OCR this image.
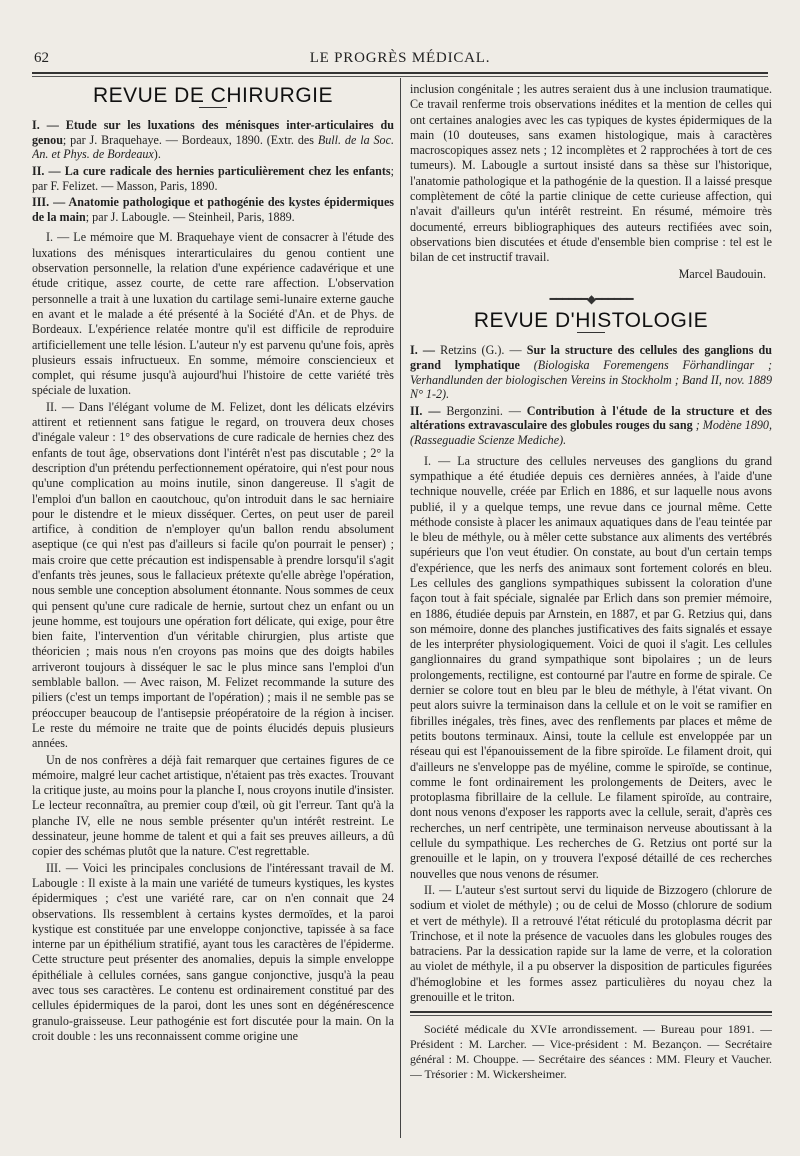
62	LE PROGRÈS MÉDICAL.
REVUE DE CHIRURGIE
I. — Etude sur les luxations des ménisques inter-articulaires du genou; par J. Braquehaye. — Bordeaux, 1890. (Extr. des Bull. de la Soc. An. et Phys. de Bordeaux).
II. — La cure radicale des hernies particulièrement chez les enfants; par F. Felizet. — Masson, Paris, 1890.
III. — Anatomie pathologique et pathogénie des kystes épidermiques de la main; par J. Labougle. — Steinheil, Paris, 1889.

I. — Le mémoire que M. Braquehaye vient de consacrer à l'étude des luxations des ménisques interarticulaires du genou contient une observation personnelle, la relation d'une expérience cadavérique et une étude critique, assez courte, de cette rare affection. L'observation personnelle a trait à une luxation du cartilage semi-lunaire externe gauche en avant et le malade a été présenté à la Société d'An. et de Phys. de Bordeaux. L'expérience relatée montre qu'il est difficile de reproduire artificiellement une telle lésion. L'auteur n'y est parvenu qu'une fois, après plusieurs essais infructueux. En somme, mémoire consciencieux et complet, qui résume jusqu'à aujourd'hui l'histoire de cette variété très spéciale de luxation.

II. — Dans l'élégant volume de M. Felizet, dont les délicats elzévirs attirent et retiennent sans fatigue le regard, on trouvera deux choses d'inégale valeur : 1° des observations de cure radicale de hernies chez des enfants de tout âge, observations dont l'intérêt n'est pas discutable ; 2° la description d'un prétendu perfectionnement opératoire, qui n'est pour nous qu'une complication au moins inutile, sinon dangereuse. Il s'agit de l'emploi d'un ballon en caoutchouc, qu'on introduit dans le sac herniaire pour le distendre et le mieux disséquer. Certes, on peut user de pareil artifice, à condition de n'employer qu'un ballon rendu absolument aseptique (ce qui n'est pas d'ailleurs si facile qu'on pourrait le penser) ; mais croire que cette précaution est indispensable à prendre lorsqu'il s'agit d'enfants très jeunes, sous le fallacieux prétexte qu'elle abrège l'opération, nous semble une conception absolument étonnante. Nous sommes de ceux qui pensent qu'une cure radicale de hernie, surtout chez un enfant ou un jeune homme, est toujours une opération fort délicate, qui exige, pour être bien faite, l'intervention d'un véritable chirurgien, plus artiste que théoricien ; mais nous n'en croyons pas moins que des doigts habiles arriveront toujours à disséquer le sac le plus mince sans l'emploi d'un semblable ballon. — Avec raison, M. Felizet recommande la suture des piliers (c'est un temps important de l'opération) ; mais il ne semble pas se préoccuper beaucoup de l'antisepsie préopératoire de la région à inciser. Le reste du mémoire ne traite que de points élucidés depuis plusieurs années.

Un de nos confrères a déjà fait remarquer que certaines figures de ce mémoire, malgré leur cachet artistique, n'étaient pas très exactes. Trouvant la critique juste, au moins pour la planche I, nous croyons inutile d'insister. Le lecteur reconnaîtra, au premier coup d'œil, où git l'erreur. Tant qu'à la planche IV, elle ne nous semble présenter qu'un intérêt restreint. Le dessinateur, jeune homme de talent et qui a fait ses preuves ailleurs, a dû copier des schémas plutôt que la nature. C'est regrettable.

III. — Voici les principales conclusions de l'intéressant travail de M. Labougle : Il existe à la main une variété de tumeurs kystiques, les kystes épidermiques ; c'est une variété rare, car on n'en connait que 24 observations. Ils ressemblent à certains kystes dermoïdes, et la paroi kystique est constituée par une enveloppe conjonctive, tapissée à sa face interne par un épithélium stratifié, ayant tous les caractères de l'épiderme. Cette structure peut présenter des anomalies, depuis la simple enveloppe épithéliale à cellules cornées, sans gangue conjonctive, jusqu'à la peau avec tous ses caractères. Le contenu est ordinairement constitué par des cellules épidermiques de la paroi, dont les unes sont en dégénérescence granulo-graisseuse. Leur pathogénie est fort discutée pour la main. On la croit double : les uns reconnaissent comme origine une

inclusion congénitale ; les autres seraient dus à une inclusion traumatique. Ce travail renferme trois observations inédites et la mention de celles qui ont certaines analogies avec les cas typiques de kystes épidermiques de la main (10 douteuses, sans examen histologique, mais à caractères macroscopiques assez nets ; 12 incomplètes et 2 rapprochées à tort de ces tumeurs). M. Labougle a surtout insisté dans sa thèse sur l'historique, l'anatomie pathologique et la pathogénie de la question. Il a laissé presque complètement de côté la partie clinique de cette curieuse affection, qui n'avait d'ailleurs qu'un intérêt restreint. En résumé, mémoire très documenté, erreurs bibliographiques des auteurs rectifiées avec soin, observations bien discutées et étude d'ensemble bien comprise : tel est le bilan de cet instructif travail.

Marcel Baudouin.
━━━━━━◆━━━━━━
REVUE D'HISTOLOGIE
I. — Retzins (G.). — Sur la structure des cellules des ganglions du grand lymphatique (Biologiska Foremengens Förhandlingar ; Verhandlunden der biologischen Vereins in Stockholm ; Band II, nov. 1889 N° 1-2).
II. — Bergonzini. — Contribution à l'étude de la structure et des altérations extravasculaire des globules rouges du sang ; Modène 1890, (Rasseguadie Scienze Mediche).

I. — La structure des cellules nerveuses des ganglions du grand sympathique a été étudiée depuis ces dernières années, à l'aide d'une technique nouvelle, créée par Erlich en 1886, et sur laquelle nous avons publié, il y a quelque temps, une revue dans ce journal même. Cette méthode consiste à placer les animaux aquatiques dans de l'eau teintée par le bleu de méthyle, ou à mêler cette substance aux aliments des vertébrés supérieurs que l'on veut étudier. On constate, au bout d'un certain temps d'expérience, que les nerfs des animaux sont fortement colorés en bleu. Les cellules des ganglions sympathiques subissent la coloration d'une façon tout à fait spéciale, signalée par Erlich dans son premier mémoire, en 1886, étudiée depuis par Arnstein, en 1887, et par G. Retzius qui, dans son mémoire, donne des planches justificatives des faits signalés et essaye de les interpréter physiologiquement. Voici de quoi il s'agit. Les cellules ganglionnaires du grand sympathique sont bipolaires ; un de leurs prolongements, rectiligne, est contourné par l'autre en forme de spirale. Ce dernier se colore tout en bleu par le bleu de méthyle, à l'état vivant. On peut alors suivre la terminaison dans la cellule et on le voit se ramifier en fibrilles inégales, très fines, avec des renflements par places et même de petits boutons terminaux. Ainsi, toute la cellule est enveloppée par un réseau qui est l'épanouissement de la fibre spiroïde. Le filament droit, qui d'ailleurs ne s'enveloppe pas de myéline, comme le spiroïde, se continue, comme le font ordinairement les prolongements de Deiters, avec le protoplasma fibrillaire de la cellule. Le filament spiroïde, au contraire, dont nous venons d'exposer les rapports avec la cellule, serait, d'après ces recherches, un nerf centripète, une terminaison nerveuse aboutissant à la cellule du sympathique. Les recherches de G. Retzius ont porté sur la grenouille et le lapin, on y trouvera l'exposé détaillé de ces recherches nouvelles que nous venons de résumer.

II. — L'auteur s'est surtout servi du liquide de Bizzogero (chlorure de sodium et violet de méthyle) ; ou de celui de Mosso (chlorure de sodium et vert de méthyle). Il a retrouvé l'état réticulé du protoplasma décrit par Trinchose, et il note la présence de vacuoles dans les globules rouges des batraciens. Par la dessication rapide sur la lame de verre, et la coloration au violet de méthyle, il a pu observer la disposition de particules figurées d'hémoglobine et les formes assez particulières du noyau chez la grenouille et le triton.

Société médicale du XVIe arrondissement. — Bureau pour 1891. — Président : M. Larcher. — Vice-président : M. Bezançon. — Secrétaire général : M. Chouppe. — Secrétaire des séances : MM. Fleury et Vaucher. — Trésorier : M. Wickersheimer.
